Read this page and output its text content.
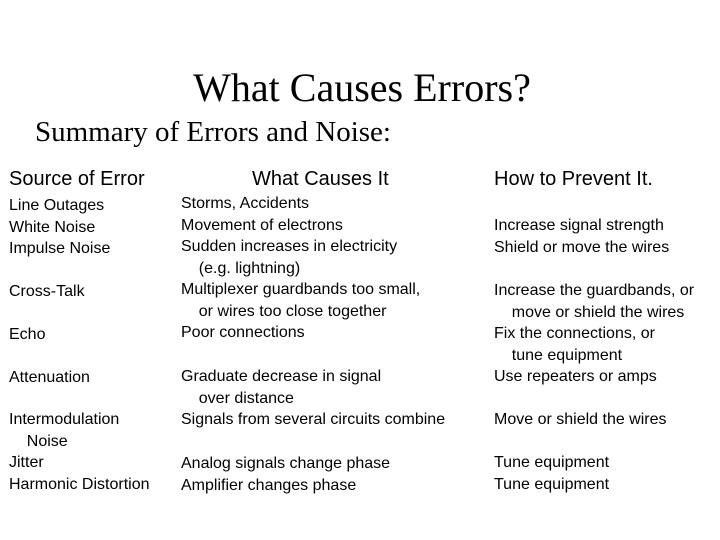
What Causes Errors?
Summary of Errors and Noise:
Source of Error	What Causes It	How to Prevent It.

Line Outages
White Noise
Impulse Noise

Cross-Talk

Echo

Attenuation

Intermodulation
Noise
Jitter
Harmonic Distortion

Storms, Accidents
Movement of electrons
Sudden increases in electricity
(e.g. lightning)
Multiplexer guardbands too small,
or wires too close together
Poor connections

Graduate decrease in signal
over distance
Signals from several circuits combine

Analog signals change phase
Amplifier changes phase

Increase signal strength
Shield or move the wires

Increase the guardbands, or
move or shield the wires
Fix the connections, or
tune equipment
Use repeaters or amps

Move or shield the wires

Tune equipment
Tune equipment
